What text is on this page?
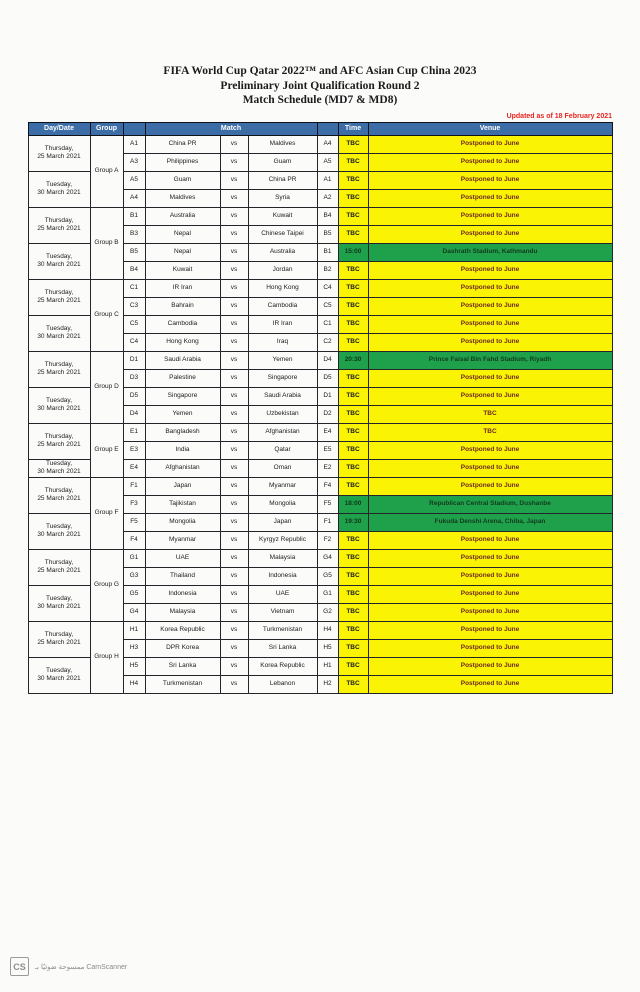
FIFA World Cup Qatar 2022™ and AFC Asian Cup China 2023
Preliminary Joint Qualification Round 2
Match Schedule (MD7 & MD8)
Updated as of 18 February 2021
Day/Date	Group		Match				Time	Venue

Thursday,
25 March 2021	Group A	A1	China PR	vs	Maldives	A4	TBC	Postponed to June
		A3	Philippines	vs	Guam	A5	TBC	Postponed to June

Tuesday,
30 March 2021		A5	Guam	vs	China PR	A1	TBC	Postponed to June
		A4	Maldives	vs	Syria	A2	TBC	Postponed to June

Thursday,
25 March 2021	Group B	B1	Australia	vs	Kuwait	B4	TBC	Postponed to June
		B3	Nepal	vs	Chinese Taipei	B5	TBC	Postponed to June

Tuesday,
30 March 2021		B5	Nepal	vs	Australia	B1	15:00	Dashrath Stadium, Kathmandu
		B4	Kuwait	vs	Jordan	B2	TBC	Postponed to June

Thursday,
25 March 2021	Group C	C1	IR Iran	vs	Hong Kong	C4	TBC	Postponed to June
		C3	Bahrain	vs	Cambodia	C5	TBC	Postponed to June

Tuesday,
30 March 2021		C5	Cambodia	vs	IR Iran	C1	TBC	Postponed to June
		C4	Hong Kong	vs	Iraq	C2	TBC	Postponed to June

Thursday,
25 March 2021	Group D	D1	Saudi Arabia	vs	Yemen	D4	20:30	Prince Faisal Bin Fahd Stadium, Riyadh
		D3	Palestine	vs	Singapore	D5	TBC	Postponed to June

Tuesday,
30 March 2021		D5	Singapore	vs	Saudi Arabia	D1	TBC	Postponed to June
		D4	Yemen	vs	Uzbekistan	D2	TBC	TBC

Thursday,
25 March 2021	Group E	E1	Bangladesh	vs	Afghanistan	E4	TBC	TBC
		E3	India	vs	Qatar	E5	TBC	Postponed to June

Tuesday,
30 March 2021		E4	Afghanistan	vs	Oman	E2	TBC	Postponed to June

Thursday,
25 March 2021	Group F	F1	Japan	vs	Myanmar	F4	TBC	Postponed to June
		F3	Tajikistan	vs	Mongolia	F5	18:00	Republican Central Stadium, Dushanbe

Tuesday,
30 March 2021		F5	Mongolia	vs	Japan	F1	19:30	Fukuda Denshi Arena, Chiba, Japan
		F4	Myanmar	vs	Kyrgyz Republic	F2	TBC	Postponed to June

Thursday,
25 March 2021	Group G	G1	UAE	vs	Malaysia	G4	TBC	Postponed to June
		G3	Thailand	vs	Indonesia	G5	TBC	Postponed to June

Tuesday,
30 March 2021		G5	Indonesia	vs	UAE	G1	TBC	Postponed to June
		G4	Malaysia	vs	Vietnam	G2	TBC	Postponed to June

Thursday,
25 March 2021	Group H	H1	Korea Republic	vs	Turkmenistan	H4	TBC	Postponed to June
		H3	DPR Korea	vs	Sri Lanka	H5	TBC	Postponed to June

Tuesday,
30 March 2021		H5	Sri Lanka	vs	Korea Republic	H1	TBC	Postponed to June
		H4	Turkmenistan	vs	Lebanon	H2	TBC	Postponed to June
CS	ممسوحة ضوئيًا بـ CamScanner
